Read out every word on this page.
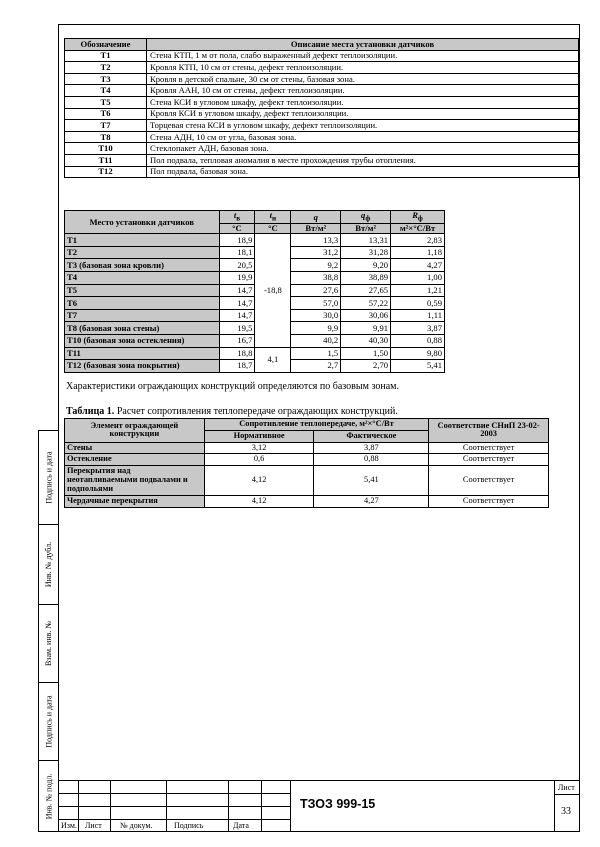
Подпись и дата
Инв. № дубл.
Взам. инв. №
Подпись и дата
Инв. № подл.
Обозначение	Описание места установки датчиков
T1	Стена КТП, 1 м от пола, слабо выраженный дефект теплоизоляции.
T2	Кровля КТП, 10 см от стены, дефект теплоизоляции.
T3	Кровля в детской спальне, 30 см от стены, базовая зона.
T4	Кровля ААН, 10 см от стены, дефект теплоизоляции.
T5	Стена КСИ в угловом шкафу, дефект теплоизоляции.
T6	Кровля КСИ в угловом шкафу, дефект теплоизоляции.
T7	Торцевая стена КСИ в угловом шкафу, дефект теплоизоляции.
T8	Стена АДН, 10 см от угла, базовая зона.
T10	Стеклопакет АДН, базовая зона.
T11	Пол подвала, тепловая аномалия в месте прохождения трубы отопления.
T12	Пол подвала, базовая зона.
Место установки датчиков	$t_в$	$t_н$	q	$q_ф$	$R_ф$
	°C	°C	Вт/м²	Вт/м²	м²×°C/Вт
T1	18,9	-18,8	13,3	13,31	2,83
T2	18,1		31,2	31,28	1,18
T3 (базовая зона кровли)	20,5		9,2	9,20	4,27
T4	19,9		38,8	38,89	1,00
T5	14,7		27,6	27,65	1,21
T6	14,7		57,0	57,22	0,59
T7	14,7		30,0	30,06	1,11
T8 (базовая зона стены)	19,5		9,9	9,91	3,87
T10 (базовая зона остекления)	16,7		40,2	40,30	0,88
T11	18,8	4,1	1,5	1,50	9,80
T12 (базовая зона покрытия)	18,7		2,7	2,70	5,41
Характеристики ограждающих конструкций определяются по базовым зонам.
Таблица 1. Расчет сопротивления теплопередаче ограждающих конструкций.
Элемент ограждающей конструкции	Сопротивление теплопередаче, м²×°С/Вт		Соответствие СНиП 23-02-2003
	Нормативное	Фактическое	
Стены	3,12	3,87	Соответствует
Остекление	0,6	0,88	Соответствует
Перекрытия над неотапливаемыми подвалами и подпольями	4,12	5,41	Соответствует
Чердачные перекрытия	4,12	4,27	Соответствует
Изм. Лист № докум.	Подпись	Дата
Лист
33
ТЗОЗ 999-15
